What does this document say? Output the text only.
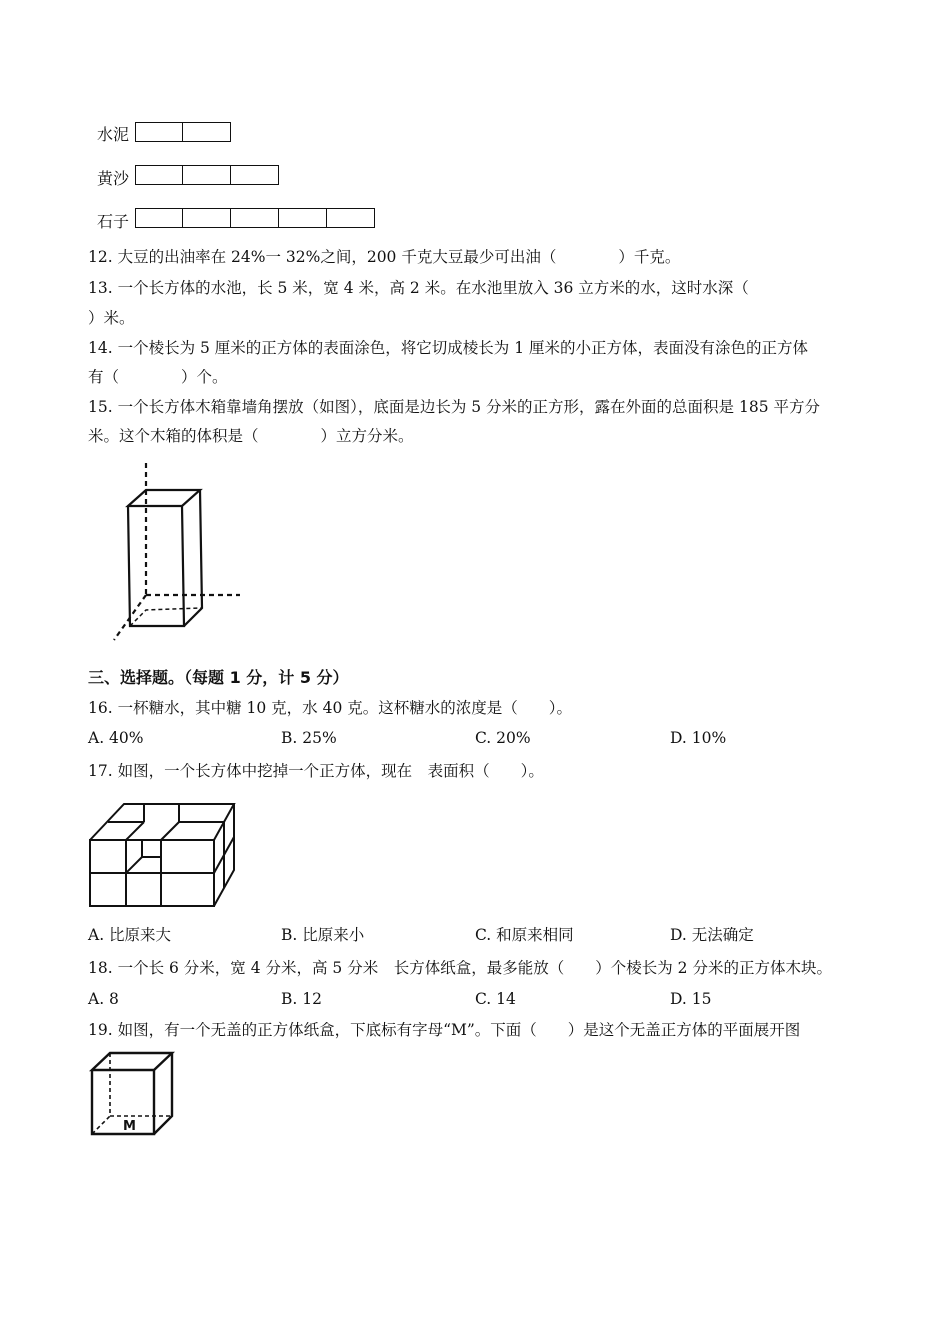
水泥
黄沙
石子
12. 大豆的出油率在 24%一 32%之间，200 千克大豆最少可出油（　　　　）千克。
13. 一个长方体的水池，长 5 米，宽 4 米，高 2 米。在水池里放入 36 立方米的水，这时水深（
）米。
14. 一个棱长为 5 厘米的正方体的表面涂色，将它切成棱长为 1 厘米的小正方体，表面没有涂色的正方体
有（　　　　）个。
15. 一个长方体木箱靠墙角摆放（如图），底面是边长为 5 分米的正方形，露在外面的总面积是 185 平方分
米。这个木箱的体积是（　　　　）立方分米。
三、选择题。（每题 1 分，计 5 分）
16. 一杯糖水，其中糖 10 克，水 40 克。这杯糖水的浓度是（　　）。
A. 40%	B. 25%	C. 20%	D. 10%
17. 如图，一个长方体中挖掉一个正方体，现在　表面积（　　）。
A. 比原来大	B. 比原来小	C. 和原来相同	D. 无法确定
18. 一个长 6 分米，宽 4 分米，高 5 分米　长方体纸盒，最多能放（　　）个棱长为 2 分米的正方体木块。
A. 8	B. 12	C. 14	D. 15
19. 如图，有一个无盖的正方体纸盒，下底标有字母“M”。下面（　　）是这个无盖正方体的平面展开图
M
